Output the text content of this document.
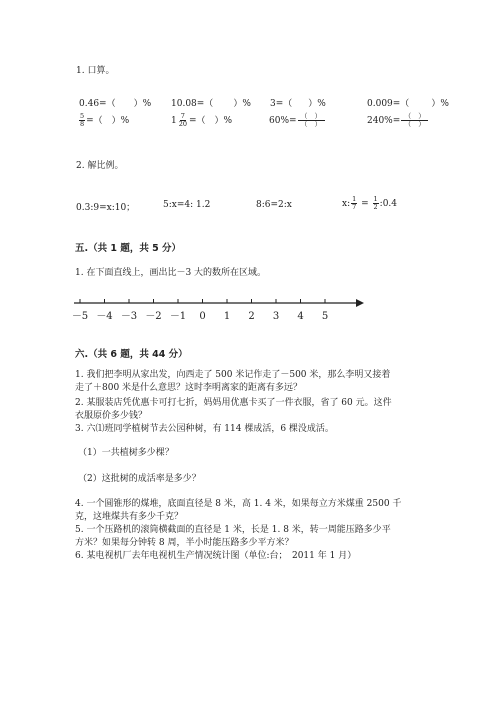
1. 口算。
0.46=（ ）% 10.08=（ ）% 3=（ ）%	0.009=（ ）%
$\frac{5}{8}$ =（　）%	$1 \frac{7}{20}$ =（　）%	$60\%= \frac{( )}{( )}$	$240\%= \frac{( )}{( )}$
2. 解比例。
0.3:9=x:10；	5:x=4: 1.2	8:6=2:x	x: $\frac{1}{7} = \frac{1}{2}$ :0.4
五.（共 1 题，共 5 分）
1. 在下面直线上，画出比－3 大的数所在区域。
－5 －4 －3 －2 －1 0 1 2 3 4 5
六.（共 6 题，共 44 分）
1. 我们把李明从家出发，向西走了 500 米记作走了－500 米，那么李明又接着
走了＋800 米是什么意思？这时李明离家的距离有多远？
2. 某服装店凭优惠卡可打七折，妈妈用优惠卡买了一件衣服，省了 60 元。这件
衣服原价多少钱？
3. 六⑴班同学植树节去公园种树，有 114 棵成活，6 棵没成活。
（1）一共植树多少棵？
（2）这批树的成活率是多少？
4. 一个圆锥形的煤堆，底面直径是 8 米，高 1. 4 米，如果每立方米煤重 2500 千
克，这堆煤共有多少千克？
5. 一个压路机的滚筒横截面的直径是 1 米，长是 1. 8 米，转一周能压路多少平
方米？如果每分钟转 8 周，半小时能压路多少平方米？
6. 某电视机厂去年电视机生产情况统计图（单位:台；　2011 年 1 月）
